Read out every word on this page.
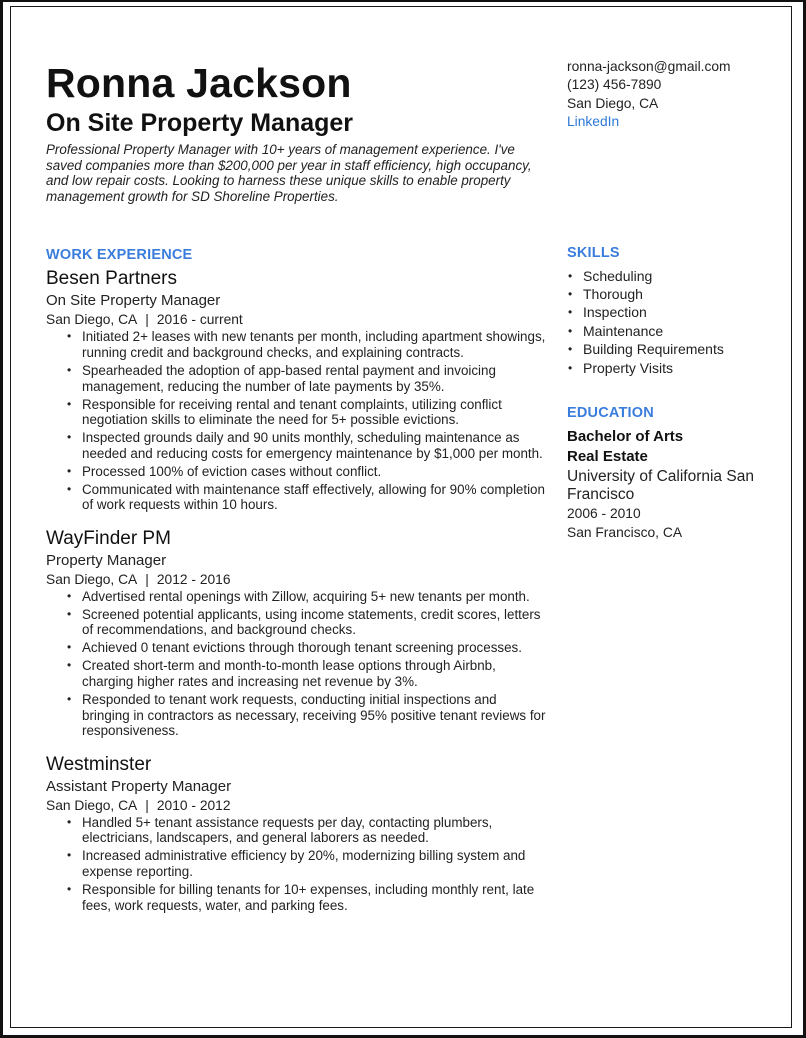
Ronna Jackson
On Site Property Manager
Professional Property Manager with 10+ years of management experience. I've saved companies more than $200,000 per year in staff efficiency, high occupancy, and low repair costs. Looking to harness these unique skills to enable property management growth for SD Shoreline Properties.
WORK EXPERIENCE
Besen Partners
On Site Property Manager
San Diego, CA | 2016 - current
• Initiated 2+ leases with new tenants per month, including apartment showings, running credit and background checks, and explaining contracts.
• Spearheaded the adoption of app-based rental payment and invoicing management, reducing the number of late payments by 35%.
• Responsible for receiving rental and tenant complaints, utilizing conflict negotiation skills to eliminate the need for 5+ possible evictions.
• Inspected grounds daily and 90 units monthly, scheduling maintenance as needed and reducing costs for emergency maintenance by $1,000 per month.
• Processed 100% of eviction cases without conflict.
• Communicated with maintenance staff effectively, allowing for 90% completion of work requests within 10 hours.
WayFinder PM
Property Manager
San Diego, CA | 2012 - 2016
• Advertised rental openings with Zillow, acquiring 5+ new tenants per month.
• Screened potential applicants, using income statements, credit scores, letters of recommendations, and background checks.
• Achieved 0 tenant evictions through thorough tenant screening processes.
• Created short-term and month-to-month lease options through Airbnb, charging higher rates and increasing net revenue by 3%.
• Responded to tenant work requests, conducting initial inspections and bringing in contractors as necessary, receiving 95% positive tenant reviews for responsiveness.
Westminster
Assistant Property Manager
San Diego, CA | 2010 - 2012
• Handled 5+ tenant assistance requests per day, contacting plumbers, electricians, landscapers, and general laborers as needed.
• Increased administrative efficiency by 20%, modernizing billing system and expense reporting.
• Responsible for billing tenants for 10+ expenses, including monthly rent, late fees, work requests, water, and parking fees.
ronna-jackson@gmail.com
(123) 456-7890
San Diego, CA
LinkedIn
SKILLS
• Scheduling
• Thorough
• Inspection
• Maintenance
• Building Requirements
• Property Visits
EDUCATION
Bachelor of Arts
Real Estate
University of California San Francisco
2006 - 2010
San Francisco, CA
